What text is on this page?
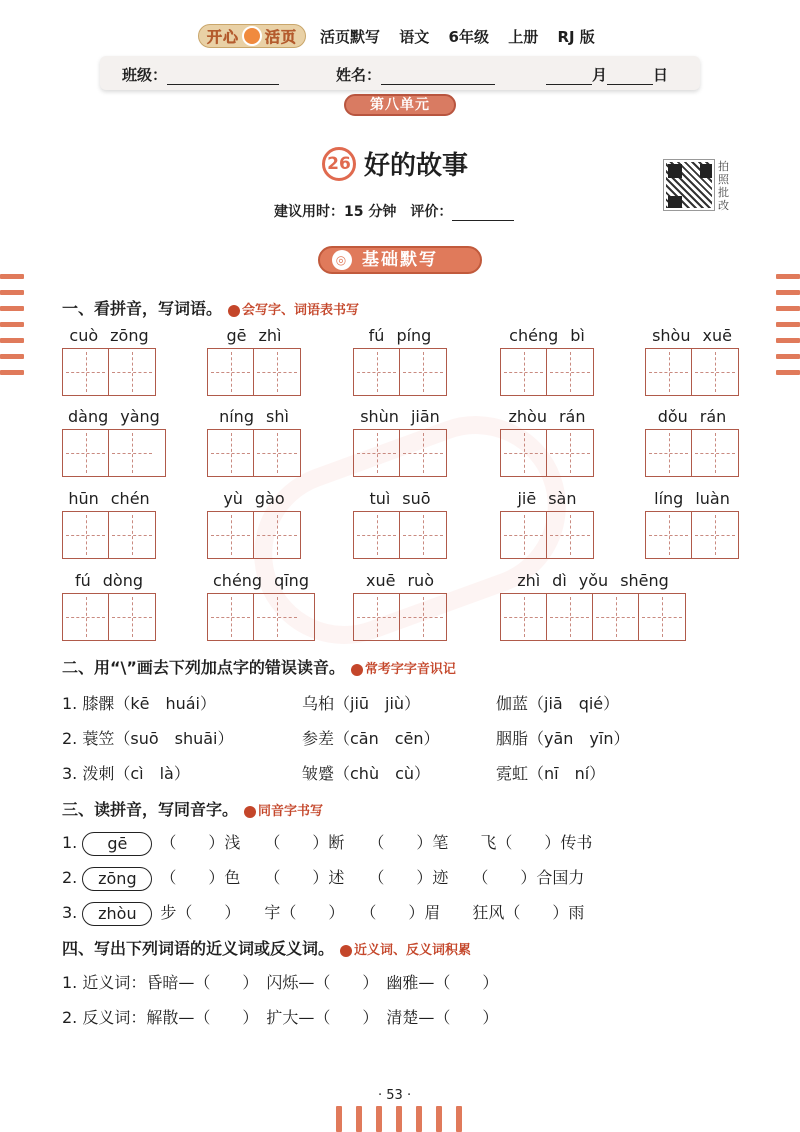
开心 活页 活页默写 语文 6年级 上册 RJ 版
班级：	姓名：	月	日
第八单元
26 好的故事	拍照批改
建议用时：15 分钟　 评价：
◎ 基础默写
一、看拼音，写词语。 会写字、词语表书写
cuò zōng	gē zhì	fú píng	chéng bì	shòu xuē
dàng yàng	níng shì	shùn jiān	zhòu rán	dǒu rán
hūn chén	yù gào	tuì suō	jiē sàn	líng luàn
fú dòng	chéng qīng	xuē ruò	zhì dì yǒu shēng
二、用“\”画去下列加点字的错误读音。 常考字字音识记
1. 膝髁（kē　huái）	乌桕（jiū　jiù）	伽蓝（jiā　qié）
2. 蓑笠（suō　shuāi）	参差（cān　cēn）	胭脂（yān　yīn）
3. 泼刺（cì　là）	皱蹙（chù　cù）	霓虹（nī　ní）
三、读拼音，写同音字。 同音字书写
1. gē （　　）浅　　（　　）断　　（　　）笔　　飞（　　）传书
2. zōng （　　）色　　（　　）述　　（　　）迹　　（　　）合国力
3. zhòu 步（　　）　　宇（　　）　　（　　）眉　　狂风（　　）雨
四、写出下列词语的近义词或反义词。 近义词、反义词积累
1. 近义词：昏暗—（　　）　闪烁—（　　）　幽雅—（　　）
2. 反义词：解散—（　　）　扩大—（　　）　清楚—（　　）
· 53 ·
